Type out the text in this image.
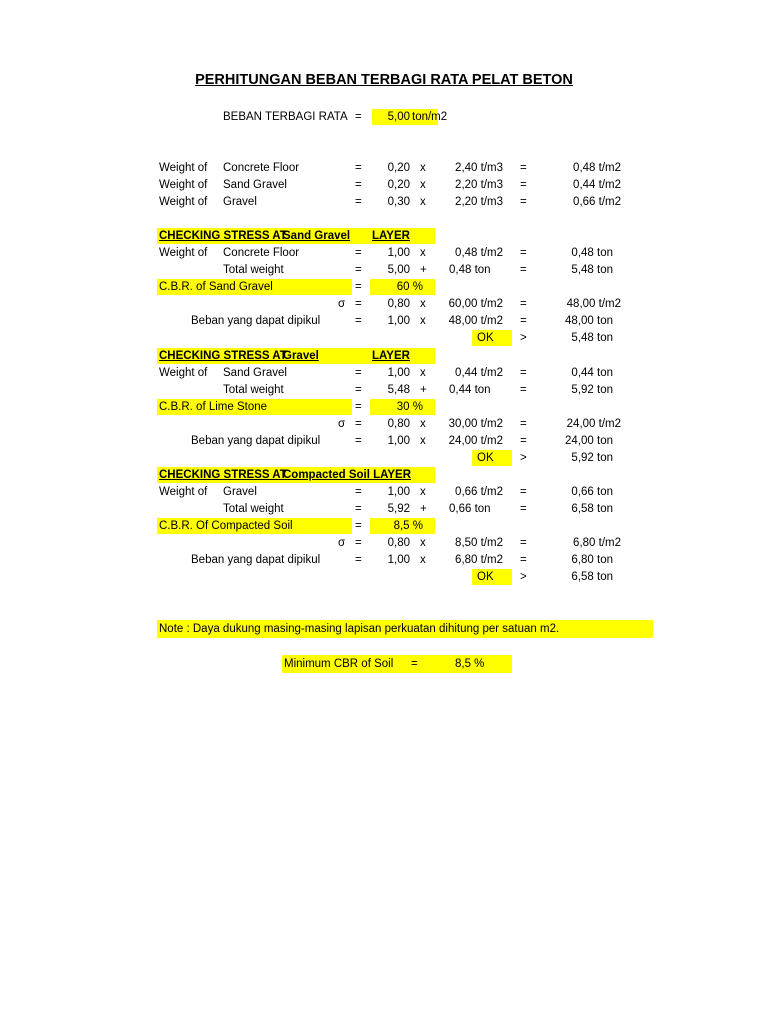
PERHITUNGAN BEBAN TERBAGI RATA PELAT BETON
BEBAN TERBAGI RATA =	5,00 ton/m2
Weight of Concrete Floor	=	0,20 x	2,40 t/m3 =	0,48 t/m2
Weight of Sand Gravel	=	0,20 x	2,20 t/m3 =	0,44 t/m2
Weight of Gravel	=	0,30 x	2,20 t/m3 =	0,66 t/m2
CHECKING STRESS AT
Sand Gravel LAYER
Weight of Concrete Floor	=	1,00 x	0,48 t/m2 =	0,48 ton
Total weight	=	5,00 + 0,48 ton	=	5,48 ton
C.B.R. of Sand Gravel	=	60 %
σ =	0,80 x	60,00 t/m2 =	48,00 t/m2
Beban yang dapat dipikul	=	1,00 x	48,00 t/m2 =	48,00 ton
OK >	5,48 ton
CHECKING STRESS AT
Gravel	LAYER
Weight of Sand Gravel	=	1,00 x	0,44 t/m2 =	0,44 ton
Total weight	=	5,48 + 0,44 ton	=	5,92 ton
C.B.R. of Lime Stone	=	30 %
σ =	0,80 x	30,00 t/m2 =	24,00 t/m2
Beban yang dapat dipikul	=	1,00 x	24,00 t/m2 =	24,00 ton
OK >	5,92 ton
CHECKING STRESS AT
Compacted Soil LAYER
Weight of Gravel	=	1,00 x	0,66 t/m2 =	0,66 ton
Total weight	=	5,92 + 0,66 ton	=	6,58 ton
C.B.R. Of Compacted Soil	=	8,5 %
σ =	0,80 x	8,50 t/m2 =	6,80 t/m2
Beban yang dapat dipikul	=	1,00 x	6,80 t/m2 =	6,80 ton
OK >	6,58 ton
Note : Daya dukung masing-masing lapisan perkuatan dihitung per satuan m2.
Minimum CBR of Soil =	8,5 %
